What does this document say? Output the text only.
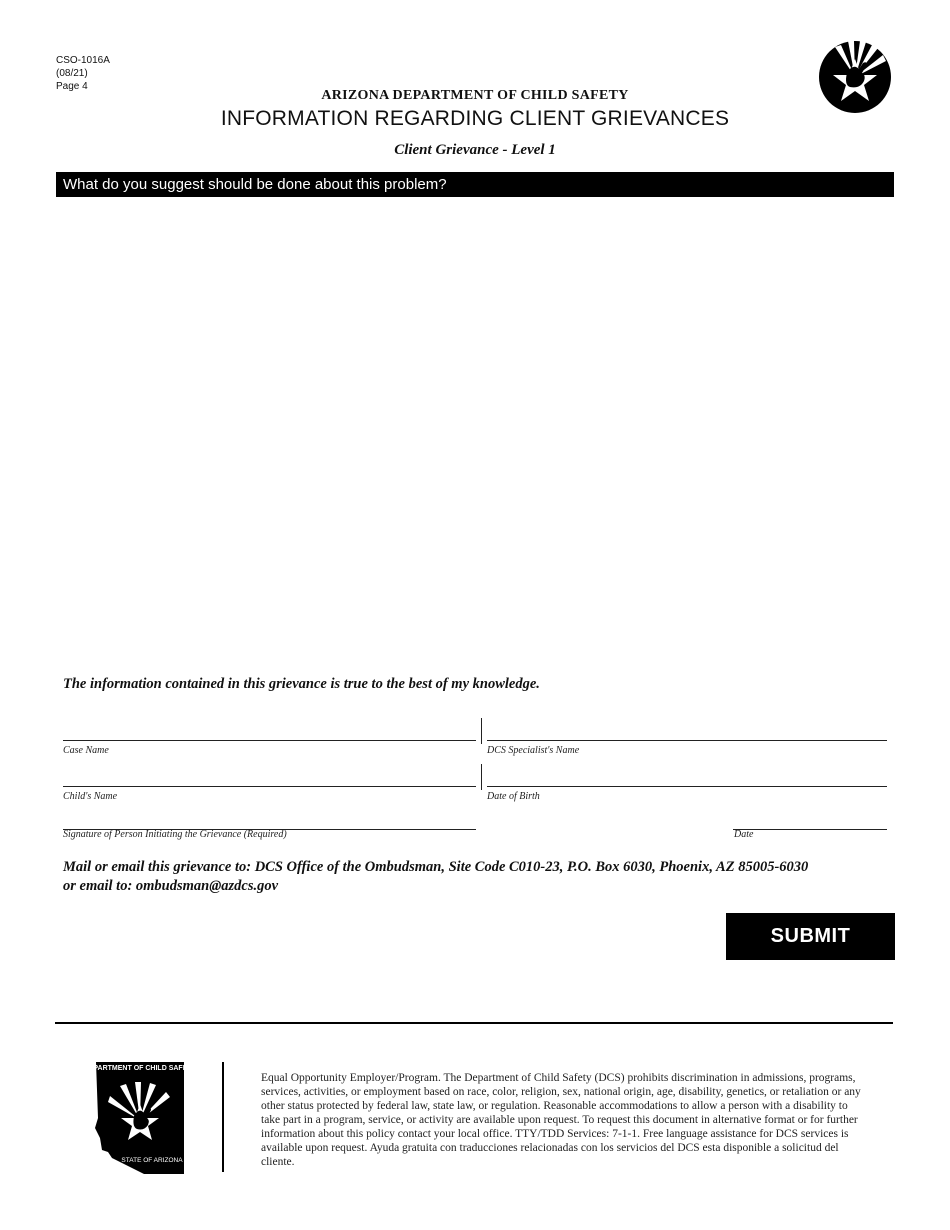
CSO-1016A
(08/21)
Page 4
ARIZONA DEPARTMENT OF CHILD SAFETY
INFORMATION REGARDING CLIENT GRIEVANCES
Client Grievance - Level 1
What do you suggest should be done about this problem?
The information contained in this grievance is true to the best of my knowledge.
Case Name	DCS Specialist's Name
Child's Name	Date of Birth
Signature of Person Initiating the Grievance (Required)	Date
Mail or email this grievance to: DCS Office of the Ombudsman, Site Code C010-23, P.O. Box 6030, Phoenix, AZ 85005-6030
or email to: ombudsman@azdcs.gov
SUBMIT
DEPARTMENT OF CHILD SAFETY
STATE OF ARIZONA
Equal Opportunity Employer/Program. The Department of Child Safety (DCS) prohibits discrimination in admissions, programs, services, activities, or employment based on race, color, religion, sex, national origin, age, disability, genetics, or retaliation or any other status protected by federal law, state law, or regulation. Reasonable accommodations to allow a person with a disability to take part in a program, service, or activity are available upon request. To request this document in alternative format or for further information about this policy contact your local office. TTY/TDD Services: 7-1-1. Free language assistance for DCS services is available upon request. Ayuda gratuita con traducciones relacionadas con los servicios del DCS esta disponible a solicitud del cliente.
